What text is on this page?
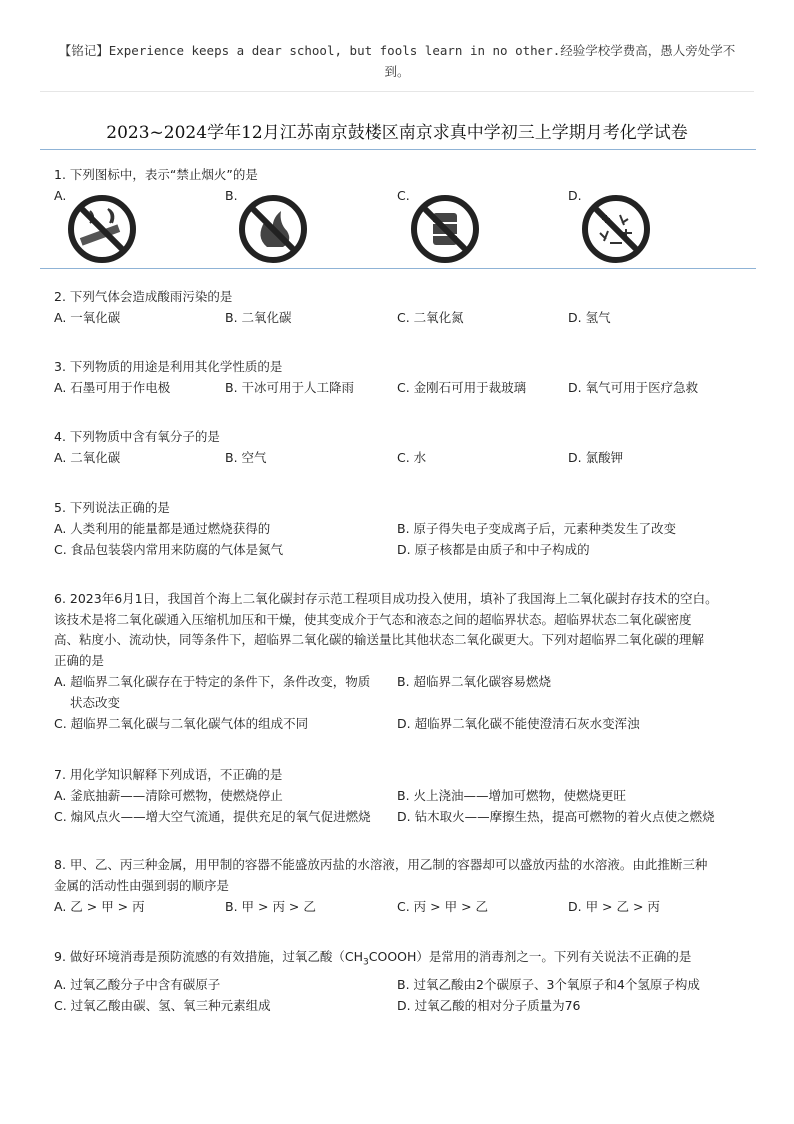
【铭记】Experience keeps a dear school, but fools learn in no other.经验学校学费高，愚人旁处学不
到。
2023~2024学年12月江苏南京鼓楼区南京求真中学初三上学期月考化学试卷
1. 下列图标中，表示“禁止烟火”的是
A.	B.	C.	D.
2. 下列气体会造成酸雨污染的是
A. 一氧化碳	B. 二氧化碳	C. 二氧化氮	D. 氢气
3. 下列物质的用途是利用其化学性质的是
A. 石墨可用于作电极	B. 干冰可用于人工降雨	C. 金刚石可用于裁玻璃	D. 氧气可用于医疗急救
4. 下列物质中含有氧分子的是
A. 二氧化碳	B. 空气	C. 水	D. 氯酸钾
5. 下列说法正确的是
A. 人类利用的能量都是通过燃烧获得的	B. 原子得失电子变成离子后，元素种类发生了改变
C. 食品包装袋内常用来防腐的气体是氮气	D. 原子核都是由质子和中子构成的
6. 2023年6月1日，我国首个海上二氧化碳封存示范工程项目成功投入使用，填补了我国海上二氧化碳封存技术的空白。
该技术是将二氧化碳通入压缩机加压和干燥，使其变成介于气态和液态之间的超临界状态。超临界状态二氧化碳密度
高、粘度小、流动快，同等条件下，超临界二氧化碳的输送量比其他状态二氧化碳更大。下列对超临界二氧化碳的理解
正确的是
A. 超临界二氧化碳存在于特定的条件下，条件改变，物质
状态改变
B. 超临界二氧化碳容易燃烧
C. 超临界二氧化碳与二氧化碳气体的组成不同	D. 超临界二氧化碳不能使澄清石灰水变浑浊
7. 用化学知识解释下列成语，不正确的是
A. 釜底抽薪——清除可燃物，使燃烧停止	B. 火上浇油——增加可燃物，使燃烧更旺
C. 煽风点火——增大空气流通，提供充足的氧气促进燃烧 D. 钻木取火——摩擦生热，提高可燃物的着火点使之燃烧
8. 甲、乙、丙三种金属，用甲制的容器不能盛放丙盐的水溶液，用乙制的容器却可以盛放丙盐的水溶液。由此推断三种
金属的活动性由强到弱的顺序是
A. 乙 > 甲 > 丙	B. 甲 > 丙 > 乙	C. 丙 > 甲 > 乙	D. 甲 > 乙 > 丙
9. 做好环境消毒是预防流感的有效措施，过氧乙酸$(CH_3COOOH)$是常用的消毒剂之一。下列有关说法不正确的是
A. 过氧乙酸分子中含有碳原子	B. 过氧乙酸由2个碳原子、3个氧原子和4个氢原子构成
C. 过氧乙酸由碳、氢、氧三种元素组成	D. 过氧乙酸的相对分子质量为76
